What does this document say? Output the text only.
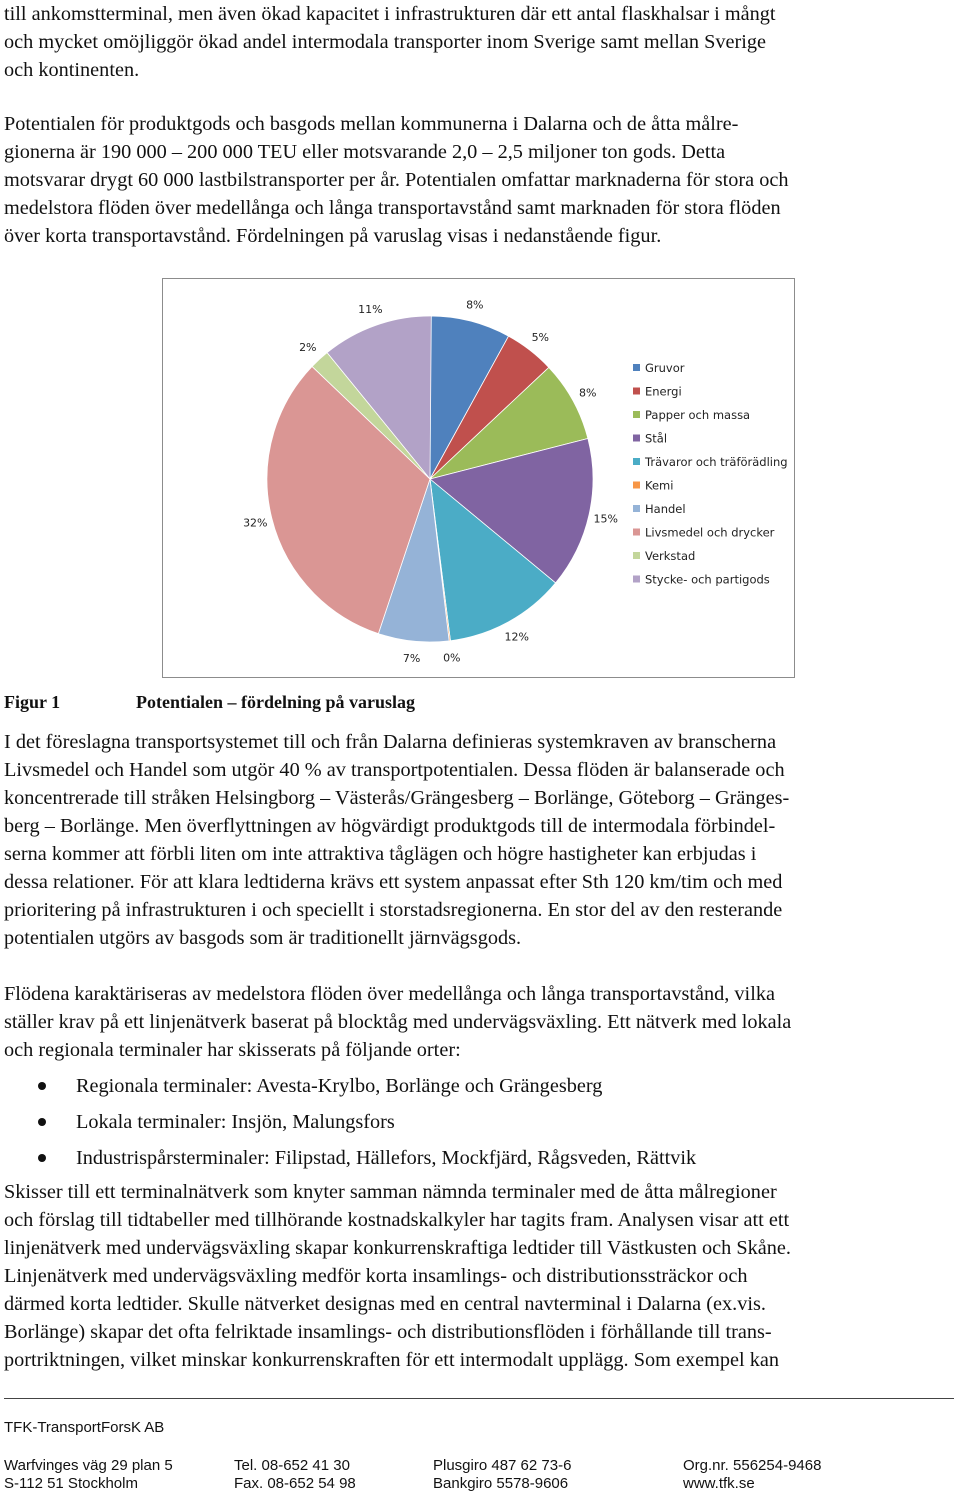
till ankomstterminal, men även ökad kapacitet i infrastrukturen där ett antal flaskhalsar i mångt
och mycket omöjliggör ökad andel intermodala transporter inom Sverige samt mellan Sverige
och kontinenten.
Potentialen för produktgods och basgods mellan kommunerna i Dalarna och de åtta målre-
gionerna är 190 000 – 200 000 TEU eller motsvarande 2,0 – 2,5 miljoner ton gods. Detta
motsvarar drygt 60 000 lastbilstransporter per år. Potentialen omfattar marknaderna för stora och
medelstora flöden över medellånga och långa transportavstånd samt marknaden för stora flöden
över korta transportavstånd. Fördelningen på varuslag visas i nedanstående figur.
8%
5%
8%
15%
12%
0%
7%
32%
2%
11%
Gruvor
Energi
Papper och massa
Stål
Trävaror och träförädling
Kemi
Handel
Livsmedel och drycker
Verkstad
Stycke- och partigods
Figur 1	Potentialen – fördelning på varuslag
I det föreslagna transportsystemet till och från Dalarna definieras systemkraven av branscherna
Livsmedel och Handel som utgör 40 % av transportpotentialen. Dessa flöden är balanserade och
koncentrerade till stråken Helsingborg – Västerås/Grängesberg – Borlänge, Göteborg – Gränges-
berg – Borlänge. Men överflyttningen av högvärdigt produktgods till de intermodala förbindel-
serna kommer att förbli liten om inte attraktiva tåglägen och högre hastigheter kan erbjudas i
dessa relationer. För att klara ledtiderna krävs ett system anpassat efter Sth 120 km/tim och med
prioritering på infrastrukturen i och speciellt i storstadsregionerna. En stor del av den resterande
potentialen utgörs av basgods som är traditionellt järnvägsgods.
Flödena karaktäriseras av medelstora flöden över medellånga och långa transportavstånd, vilka
ställer krav på ett linjenätverk baserat på blocktåg med undervägsväxling. Ett nätverk med lokala
och regionala terminaler har skisserats på följande orter:
Regionala terminaler: Avesta-Krylbo, Borlänge och Grängesberg
Lokala terminaler: Insjön, Malungsfors
Industrispårsterminaler: Filipstad, Hällefors, Mockfjärd, Rågsveden, Rättvik
Skisser till ett terminalnätverk som knyter samman nämnda terminaler med de åtta målregioner
och förslag till tidtabeller med tillhörande kostnadskalkyler har tagits fram. Analysen visar att ett
linjenätverk med undervägsväxling skapar konkurrenskraftiga ledtider till Västkusten och Skåne.
Linjenätverk med undervägsväxling medför korta insamlings- och distributionssträckor och
därmed korta ledtider. Skulle nätverket designas med en central navterminal i Dalarna (ex.vis.
Borlänge) skapar det ofta felriktade insamlings- och distributionsflöden i förhållande till trans-
portriktningen, vilket minskar konkurrenskraften för ett intermodalt upplägg. Som exempel kan
TFK-TransportForsK AB
Warfvinges väg 29 plan 5
S-112 51 Stockholm
Tel. 08-652 41 30
Fax. 08-652 54 98
Plusgiro 487 62 73-6
Bankgiro 5578-9606
Org.nr. 556254-9468
www.tfk.se
